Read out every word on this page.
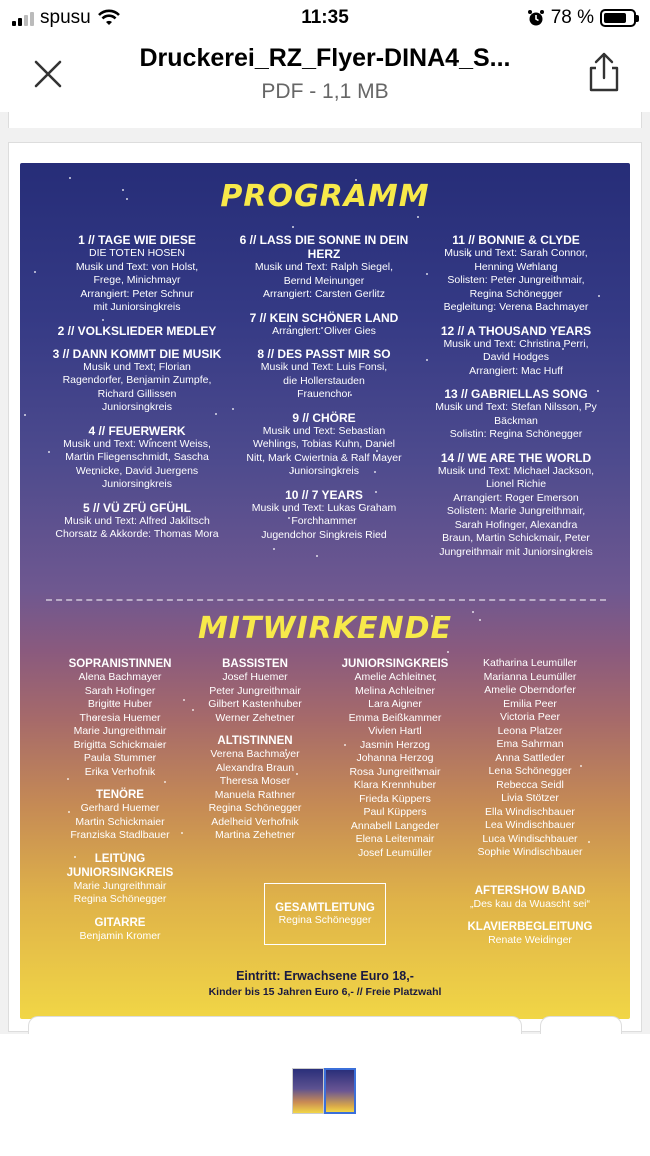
spusu	11:35	78 %
Druckerei_RZ_Flyer-DINA4_S...
PDF - 1,1 MB
PROGRAMM
1 // TAGE WIE DIESE
DIE TOTEN HOSEN
Musik und Text: von Holst,
Frege, Minichmayr
Arrangiert: Peter Schnur
mit Juniorsingkreis
2 // VOLKSLIEDER MEDLEY
3 // DANN KOMMT DIE MUSIK
Musik und Text; Florian
Ragendorfer, Benjamin Zumpfe,
Richard Gillissen
Juniorsingkreis
4 // FEUERWERK
Musik und Text: Wincent Weiss,
Martin Fliegenschmidt, Sascha
Wernicke, David Juergens
Juniorsingkreis
5 // VÜ ZFÜ GFÜHL
Musik und Text: Alfred Jaklitsch
Chorsatz & Akkorde: Thomas Mora
6 // LASS DIE SONNE IN DEIN HERZ
Musik und Text: Ralph Siegel,
Bernd Meinunger
Arrangiert: Carsten Gerlitz
7 // KEIN SCHÖNER LAND
Arrangiert: Oliver Gies
8 // DES PASST MIR SO
Musik und Text: Luis Fonsi,
die Hollerstauden
Frauenchor
9 // CHÖRE
Musik und Text: Sebastian
Wehlings, Tobias Kuhn, Daniel
Nitt, Mark Cwiertnia & Ralf Mayer
Juniorsingkreis
10 // 7 YEARS
Musik und Text: Lukas Graham
Forchhammer
Jugendchor Singkreis Ried
11 // BONNIE & CLYDE
Musik und Text: Sarah Connor,
Henning Wehlang
Solisten: Peter Jungreithmair,
Regina Schönegger
Begleitung: Verena Bachmayer
12 // A THOUSAND YEARS
Musik und Text: Christina Perri,
David Hodges
Arrangiert: Mac Huff
13 // GABRIELLAS SONG
Musik und Text: Stefan Nilsson, Py
Bäckman
Solistin: Regina Schönegger
14 // WE ARE THE WORLD
Musik und Text: Michael Jackson,
Lionel Richie
Arrangiert: Roger Emerson
Solisten: Marie Jungreithmair,
Sarah Hofinger, Alexandra
Braun, Martin Schickmair, Peter
Jungreithmair mit Juniorsingkreis
MITWIRKENDE
SOPRANISTINNEN
Alena Bachmayer
Sarah Hofinger
Brigitte Huber
Theresia Huemer
Marie Jungreithmair
Brigitta Schickmaier
Paula Stummer
Erika Verhofnik
TENÖRE
Gerhard Huemer
Martin Schickmaier
Franziska Stadlbauer
LEITUNG JUNIORSINGKREIS
Marie Jungreithmair
Regina Schönegger
GITARRE
Benjamin Kromer
BASSISTEN
Josef Huemer
Peter Jungreithmair
Gilbert Kastenhuber
Werner Zehetner
ALTISTINNEN
Verena Bachmayer
Alexandra Braun
Theresa Moser
Manuela Rathner
Regina Schönegger
Adelheid Verhofnik
Martina Zehetner
JUNIORSINGKREIS
Amelie Achleitner
Melina Achleitner
Lara Aigner
Emma Beißkammer
Vivien Hartl
Jasmin Herzog
Johanna Herzog
Rosa Jungreithmair
Klara Krennhuber
Frieda Küppers
Paul Küppers
Annabell Langeder
Elena Leitenmair
Josef Leumüller
Katharina Leumüller
Marianna Leumüller
Amelie Oberndorfer
Emilia Peer
Victoria Peer
Leona Platzer
Ema Sahrman
Anna Sattleder
Lena Schönegger
Rebecca Seidl
Livia Stötzer
Ella Windischbauer
Lea Windischbauer
Luca Windischbauer
Sophie Windischbauer
AFTERSHOW BAND
„Des kau da Wuascht sei“
KLAVIERBEGLEITUNG
Renate Weidinger
GESAMTLEITUNG
Regina Schönegger
Eintritt: Erwachsene Euro 18,-
Kinder bis 15 Jahren Euro 6,- // Freie Platzwahl
